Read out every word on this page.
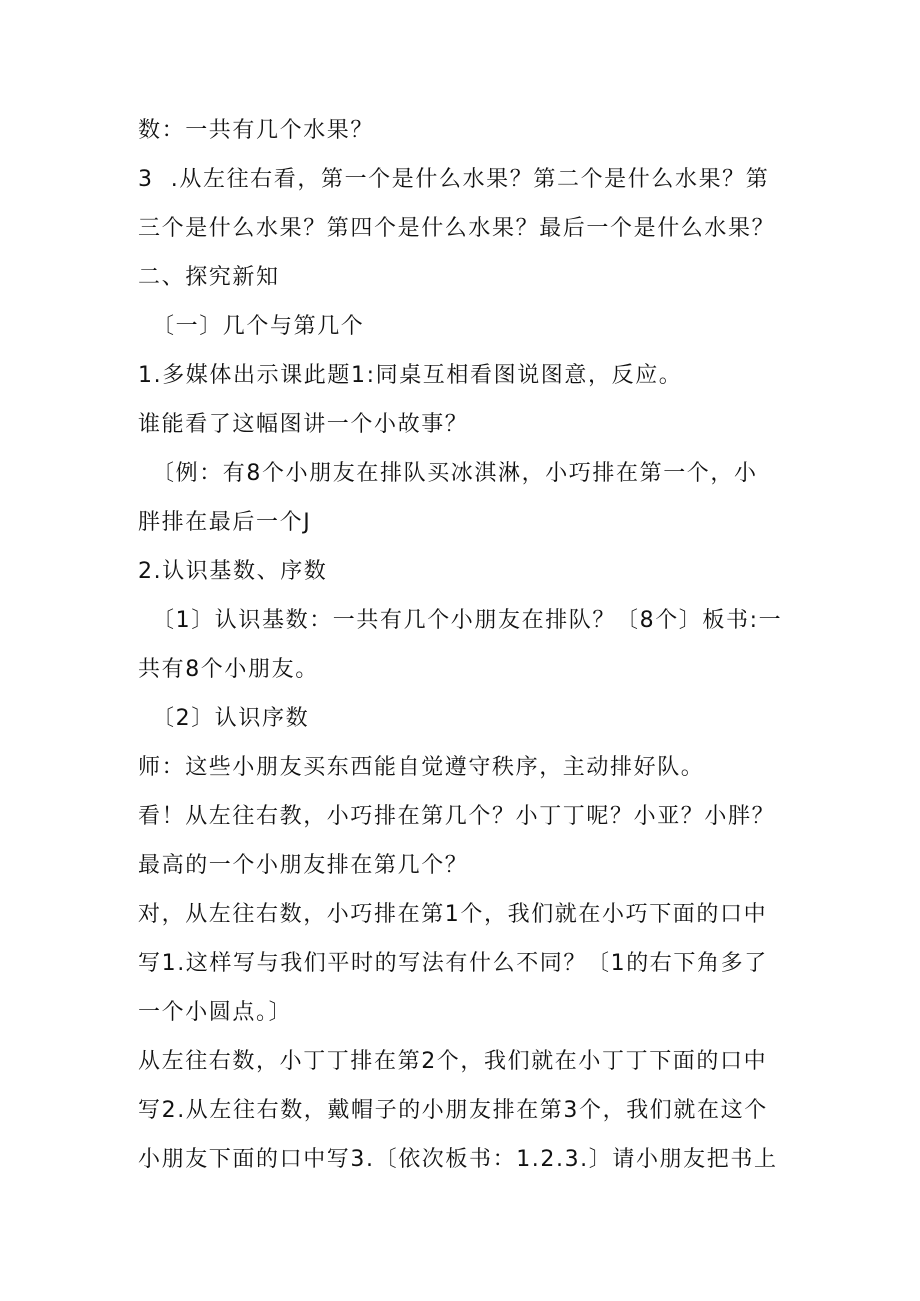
数：一共有几个水果？
3  .从左往右看，第一个是什么水果？第二个是什么水果？第
三个是什么水果？第四个是什么水果？最后一个是什么水果？
二、探究新知
〔一〕几个与第几个
1.多媒体出示课此题1:同桌互相看图说图意，反应。
谁能看了这幅图讲一个小故事？
〔例：有8个小朋友在排队买冰淇淋，小巧排在第一个，小
胖排在最后一个J
2.认识基数、序数
〔1〕认识基数：一共有几个小朋友在排队？〔8个〕板书:一
共有8个小朋友。
〔2〕认识序数
师：这些小朋友买东西能自觉遵守秩序，主动排好队。
看！从左往右教，小巧排在第几个？小丁丁呢？小亚？小胖？
最高的一个小朋友排在第几个？
对，从左往右数，小巧排在第1个，我们就在小巧下面的口中
写1.这样写与我们平时的写法有什么不同？〔1的右下角多了
一个小圆点。〕
从左往右数，小丁丁排在第2个，我们就在小丁丁下面的口中
写2.从左往右数，戴帽子的小朋友排在第3个，我们就在这个
小朋友下面的口中写3.〔依次板书：1.2.3.〕请小朋友把书上
